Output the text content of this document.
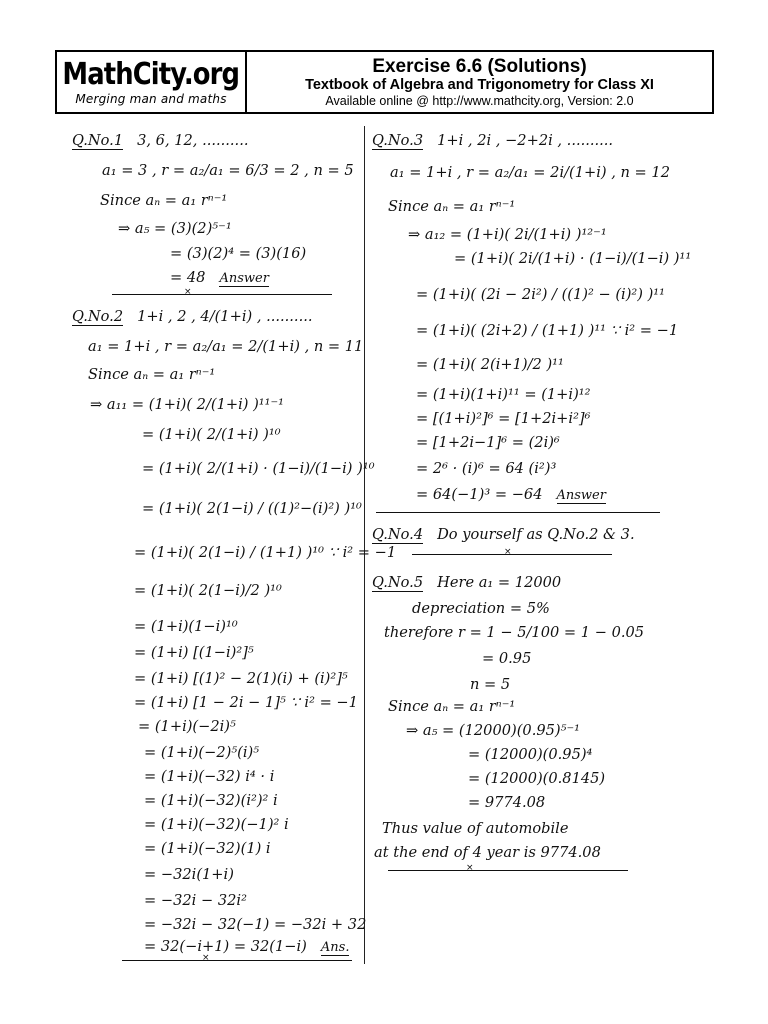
MathCity.org
Merging man and maths
Exercise 6.6 (Solutions)
Textbook of Algebra and Trigonometry for Class XI
Available online @ http://www.mathcity.org, Version: 2.0
Q.No.1 3, 6, 12, ..........
a₁ = 3 , r = a₂/a₁ = 6/3 = 2 , n = 5
Since aₙ = a₁ rⁿ⁻¹
⇒ a₅ = (3)(2)⁵⁻¹
= (3)(2)⁴ = (3)(16)
= 48 Answer
×
Q.No.2 1+i , 2 , 4/(1+i) , ..........
a₁ = 1+i , r = a₂/a₁ = 2/(1+i) , n = 11
Since aₙ = a₁ rⁿ⁻¹
⇒ a₁₁ = (1+i)( 2/(1+i) )¹¹⁻¹
= (1+i)( 2/(1+i) )¹⁰
= (1+i)( 2/(1+i) · (1−i)/(1−i) )¹⁰
= (1+i)( 2(1−i) / ((1)²−(i)²) )¹⁰
= (1+i)( 2(1−i) / (1+1) )¹⁰ ∵ i² = −1
= (1+i)( 2(1−i)/2 )¹⁰
= (1+i)(1−i)¹⁰
= (1+i) [(1−i)²]⁵
= (1+i) [(1)² − 2(1)(i) + (i)²]⁵
= (1+i) [1 − 2i − 1]⁵ ∵ i² = −1
= (1+i)(−2i)⁵
= (1+i)(−2)⁵(i)⁵
= (1+i)(−32) i⁴ · i
= (1+i)(−32)(i²)² i
= (1+i)(−32)(−1)² i
= (1+i)(−32)(1) i
= −32i(1+i)
= −32i − 32i²
= −32i − 32(−1) = −32i + 32
= 32(−i+1) = 32(1−i) Ans.
×
Q.No.3 1+i , 2i , −2+2i , ..........
a₁ = 1+i , r = a₂/a₁ = 2i/(1+i) , n = 12
Since aₙ = a₁ rⁿ⁻¹
⇒ a₁₂ = (1+i)( 2i/(1+i) )¹²⁻¹
= (1+i)( 2i/(1+i) · (1−i)/(1−i) )¹¹
= (1+i)( (2i − 2i²) / ((1)² − (i)²) )¹¹
= (1+i)( (2i+2) / (1+1) )¹¹ ∵ i² = −1
= (1+i)( 2(i+1)/2 )¹¹
= (1+i)(1+i)¹¹ = (1+i)¹²
= [(1+i)²]⁶ = [1+2i+i²]⁶
= [1+2i−1]⁶ = (2i)⁶
= 2⁶ · (i)⁶ = 64 (i²)³
= 64(−1)³ = −64 Answer
Q.No.4 Do yourself as Q.No.2 & 3.
×
Q.No.5 Here a₁ = 12000
depreciation = 5%
therefore r = 1 − 5/100 = 1 − 0.05
= 0.95
n = 5
Since aₙ = a₁ rⁿ⁻¹
⇒ a₅ = (12000)(0.95)⁵⁻¹
= (12000)(0.95)⁴
= (12000)(0.8145)
= 9774.08
Thus value of automobile
at the end of 4 year is 9774.08
×
